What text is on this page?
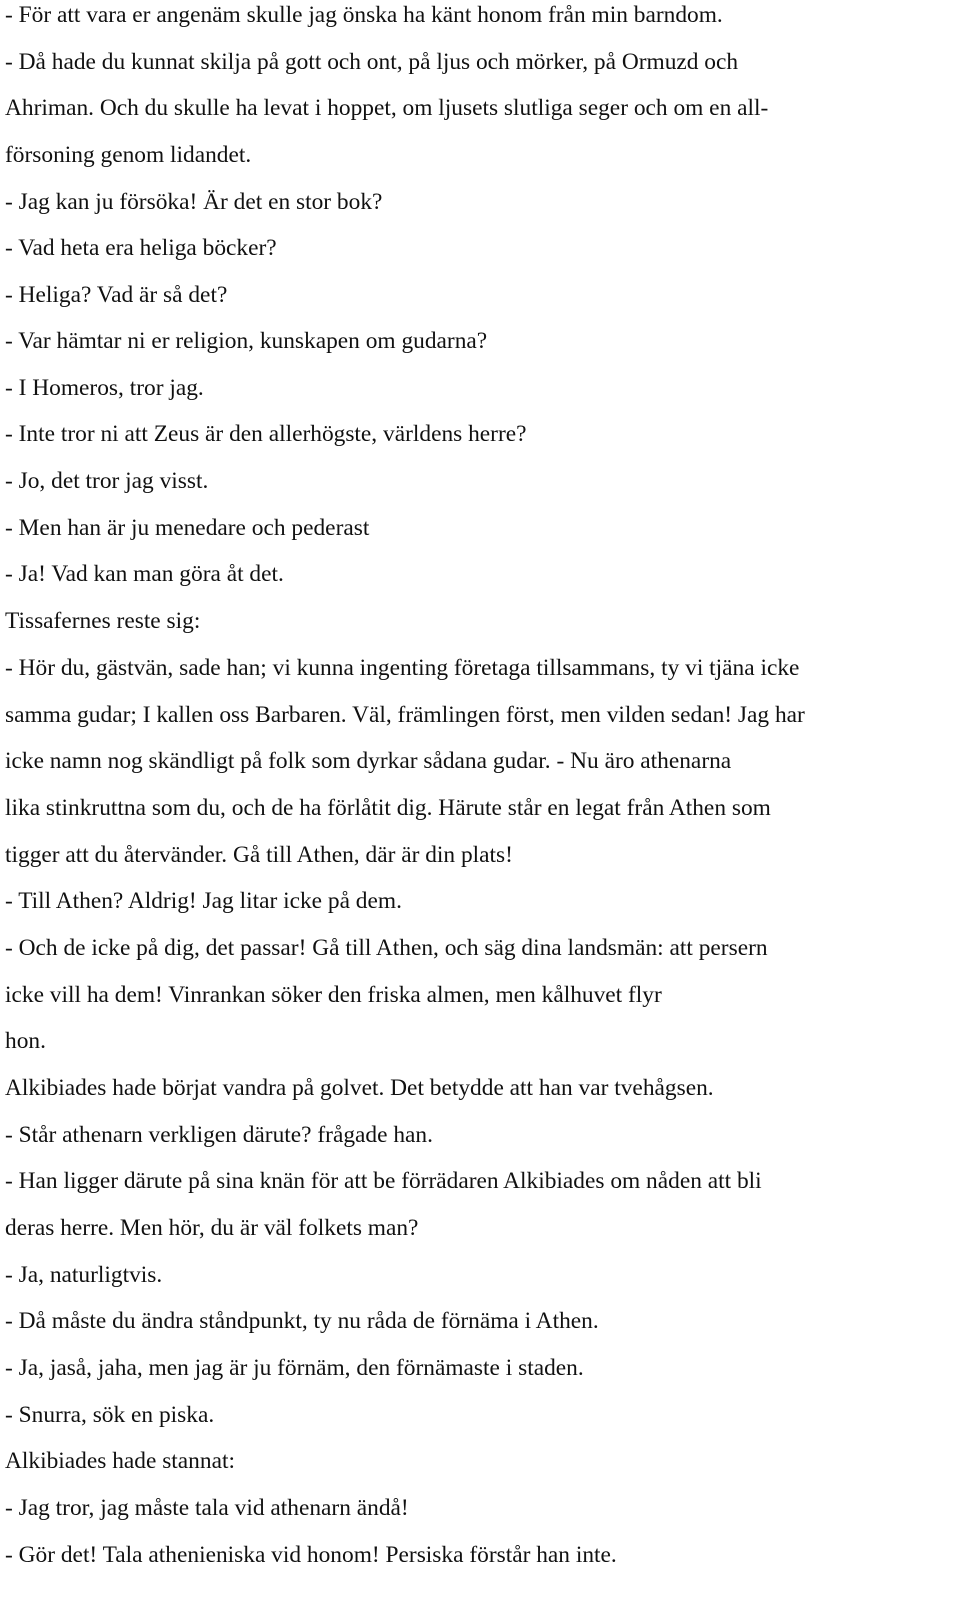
- För att vara er angenäm skulle jag önska ha känt honom från min barndom.

- Då hade du kunnat skilja på gott och ont, på ljus och mörker, på Ormuzd och

Ahriman. Och du skulle ha levat i hoppet, om ljusets slutliga seger och om en all-

försoning genom lidandet.

- Jag kan ju försöka! Är det en stor bok?

- Vad heta era heliga böcker?

- Heliga? Vad är så det?

- Var hämtar ni er religion, kunskapen om gudarna?

- I Homeros, tror jag.

- Inte tror ni att Zeus är den allerhögste, världens herre?

- Jo, det tror jag visst.

- Men han är ju menedare och pederast

- Ja! Vad kan man göra åt det.

Tissafernes reste sig:

- Hör du, gästvän, sade han; vi kunna ingenting företaga tillsammans, ty vi tjäna icke

samma gudar; I kallen oss Barbaren. Väl, främlingen först, men vilden sedan! Jag har

icke namn nog skändligt på folk som dyrkar sådana gudar. - Nu äro athenarna

lika stinkruttna som du, och de ha förlåtit dig. Härute står en legat från Athen som

tigger att du återvänder. Gå till Athen, där är din plats!

- Till Athen? Aldrig! Jag litar icke på dem.

- Och de icke på dig, det passar! Gå till Athen, och säg dina landsmän: att persern

icke vill ha dem! Vinrankan söker den friska almen, men kålhuvet flyr

hon.

Alkibiades hade börjat vandra på golvet. Det betydde att han var tvehågsen.

- Står athenarn verkligen därute? frågade han.

- Han ligger därute på sina knän för att be förrädaren Alkibiades om nåden att bli

deras herre. Men hör, du är väl folkets man?

- Ja, naturligtvis.

- Då måste du ändra ståndpunkt, ty nu råda de förnäma i Athen.

- Ja, jaså, jaha, men jag är ju förnäm, den förnämaste i staden.

- Snurra, sök en piska.

Alkibiades hade stannat:

- Jag tror, jag måste tala vid athenarn ändå!

- Gör det! Tala athenieniska vid honom! Persiska förstår han inte.
